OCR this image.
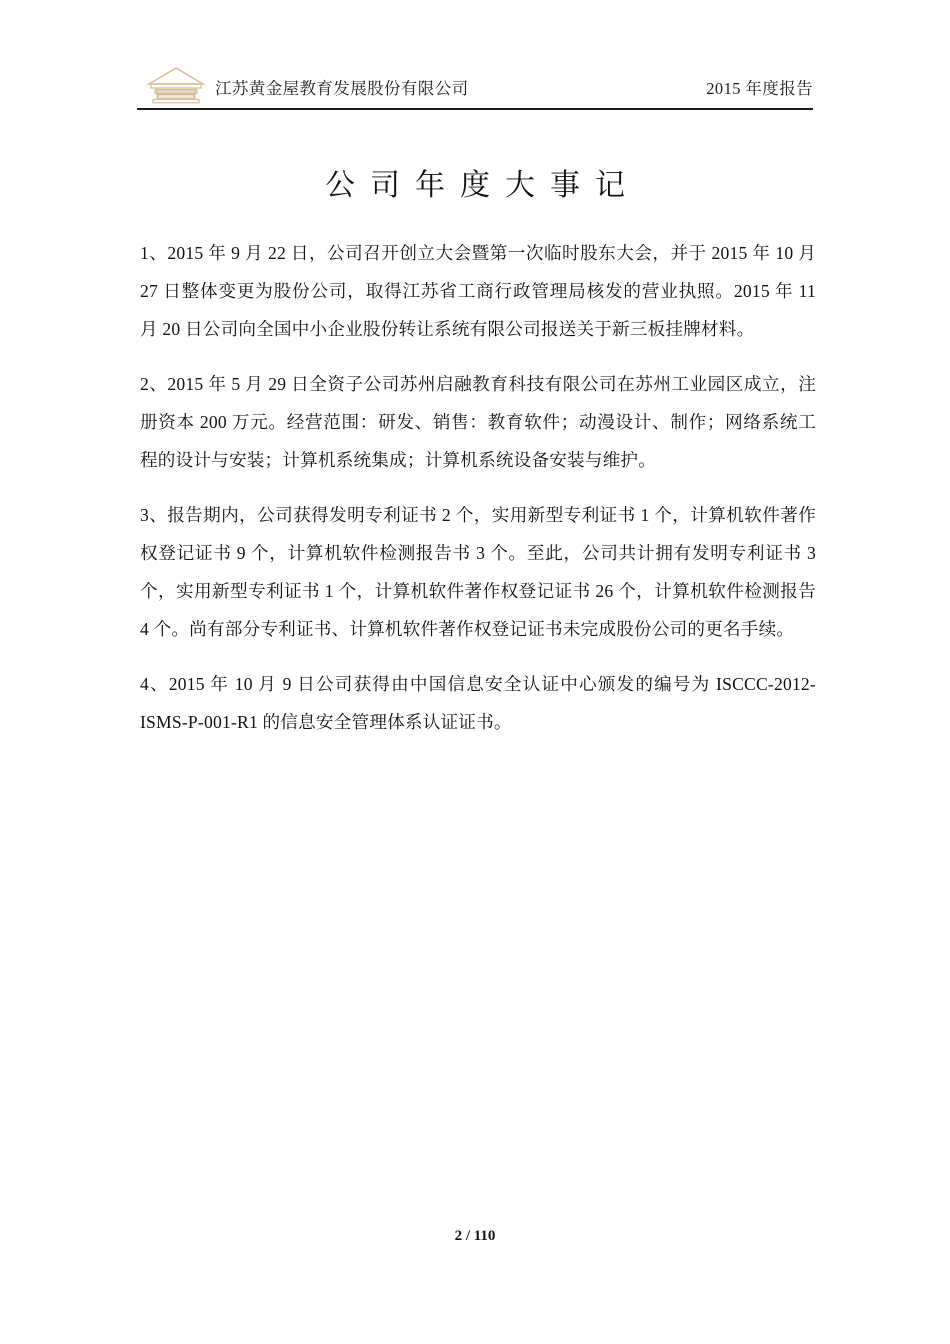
江苏黄金屋教育发展股份有限公司	2015 年度报告
公司年度大事记

1、2015 年 9 月 22 日，公司召开创立大会暨第一次临时股东大会，并于 2015 年 10 月 27 日整体变更为股份公司，取得江苏省工商行政管理局核发的营业执照。2015 年 11 月 20 日公司向全国中小企业股份转让系统有限公司报送关于新三板挂牌材料。

2、2015 年 5 月 29 日全资子公司苏州启融教育科技有限公司在苏州工业园区成立，注册资本 200 万元。经营范围：研发、销售：教育软件；动漫设计、制作；网络系统工程的设计与安装；计算机系统集成；计算机系统设备安装与维护。

3、报告期内，公司获得发明专利证书 2 个，实用新型专利证书 1 个，计算机软件著作权登记证书 9 个，计算机软件检测报告书 3 个。至此，公司共计拥有发明专利证书 3 个，实用新型专利证书 1 个，计算机软件著作权登记证书 26 个，计算机软件检测报告 4 个。尚有部分专利证书、计算机软件著作权登记证书未完成股份公司的更名手续。

4、2015 年 10 月 9 日公司获得由中国信息安全认证中心颁发的编号为 ISCCC-2012-ISMS-P-001-R1 的信息安全管理体系认证证书。

2 / 110
